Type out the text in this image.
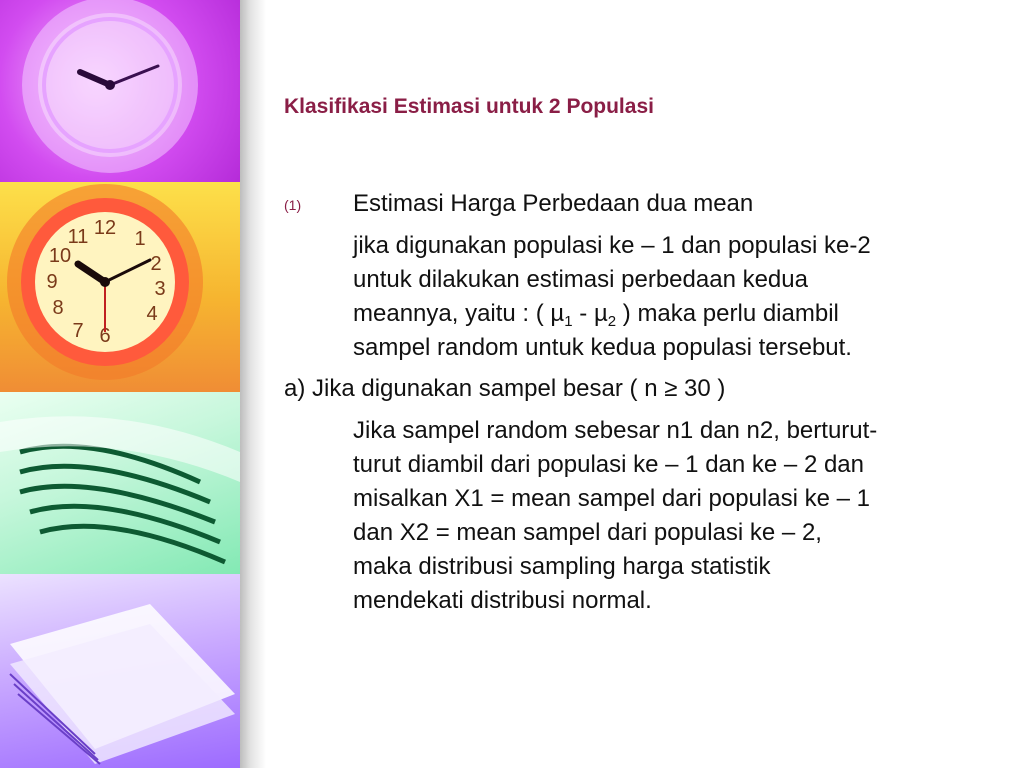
12 1
2
3
4
6
7
8
9
10
11
Klasifikasi Estimasi untuk 2 Populasi
(1) Estimasi Harga Perbedaan dua mean
jika digunakan populasi ke – 1 dan populasi ke-2
untuk dilakukan estimasi perbedaan kedua
meannya, yaitu : ( µ$_1$ - µ$_2$ ) maka perlu diambil
sampel random untuk kedua populasi tersebut.
a) Jika digunakan sampel besar ( n ≥ 30 )
Jika sampel random sebesar n1 dan n2, berturut-
turut diambil dari populasi ke – 1 dan ke – 2 dan
misalkan X1 = mean sampel dari populasi ke – 1
dan X2 = mean sampel dari populasi ke – 2,
maka distribusi sampling harga statistik
mendekati distribusi normal.
